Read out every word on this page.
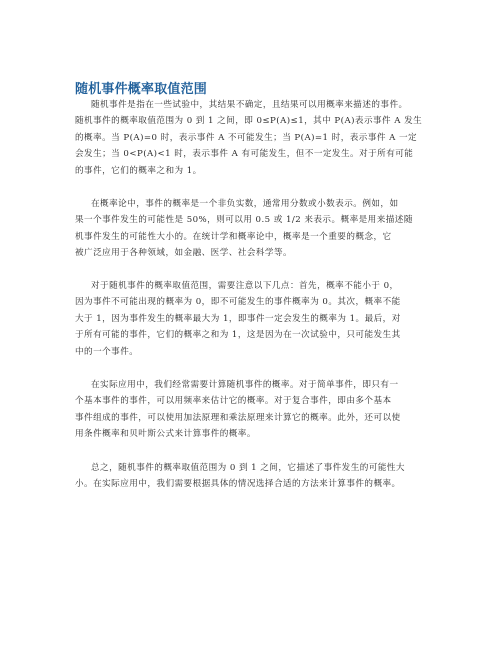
随机事件概率取值范围
随机事件是指在一些试验中，其结果不确定，且结果可以用概率来描述的事件。
随机事件的概率取值范围为 0 到 1 之间，即 0≤P(A)≤1，其中 P(A)表示事件 A 发生
的概率。当 P(A)=0 时，表示事件 A 不可能发生；当 P(A)=1 时，表示事件 A 一定
会发生；当 0<P(A)<1 时，表示事件 A 有可能发生，但不一定发生。对于所有可能
的事件，它们的概率之和为 1。
在概率论中，事件的概率是一个非负实数，通常用分数或小数表示。例如，如
果一个事件发生的可能性是 50%，则可以用 0.5 或 1/2 来表示。概率是用来描述随
机事件发生的可能性大小的。在统计学和概率论中，概率是一个重要的概念，它
被广泛应用于各种领域，如金融、医学、社会科学等。
对于随机事件的概率取值范围，需要注意以下几点：首先，概率不能小于 0，
因为事件不可能出现的概率为 0，即不可能发生的事件概率为 0。其次，概率不能
大于 1，因为事件发生的概率最大为 1，即事件一定会发生的概率为 1。最后，对
于所有可能的事件，它们的概率之和为 1，这是因为在一次试验中，只可能发生其
中的一个事件。
在实际应用中，我们经常需要计算随机事件的概率。对于简单事件，即只有一
个基本事件的事件，可以用频率来估计它的概率。对于复合事件，即由多个基本
事件组成的事件，可以使用加法原理和乘法原理来计算它的概率。此外，还可以使
用条件概率和贝叶斯公式来计算事件的概率。
总之，随机事件的概率取值范围为 0 到 1 之间，它描述了事件发生的可能性大
小。在实际应用中，我们需要根据具体的情况选择合适的方法来计算事件的概率。
